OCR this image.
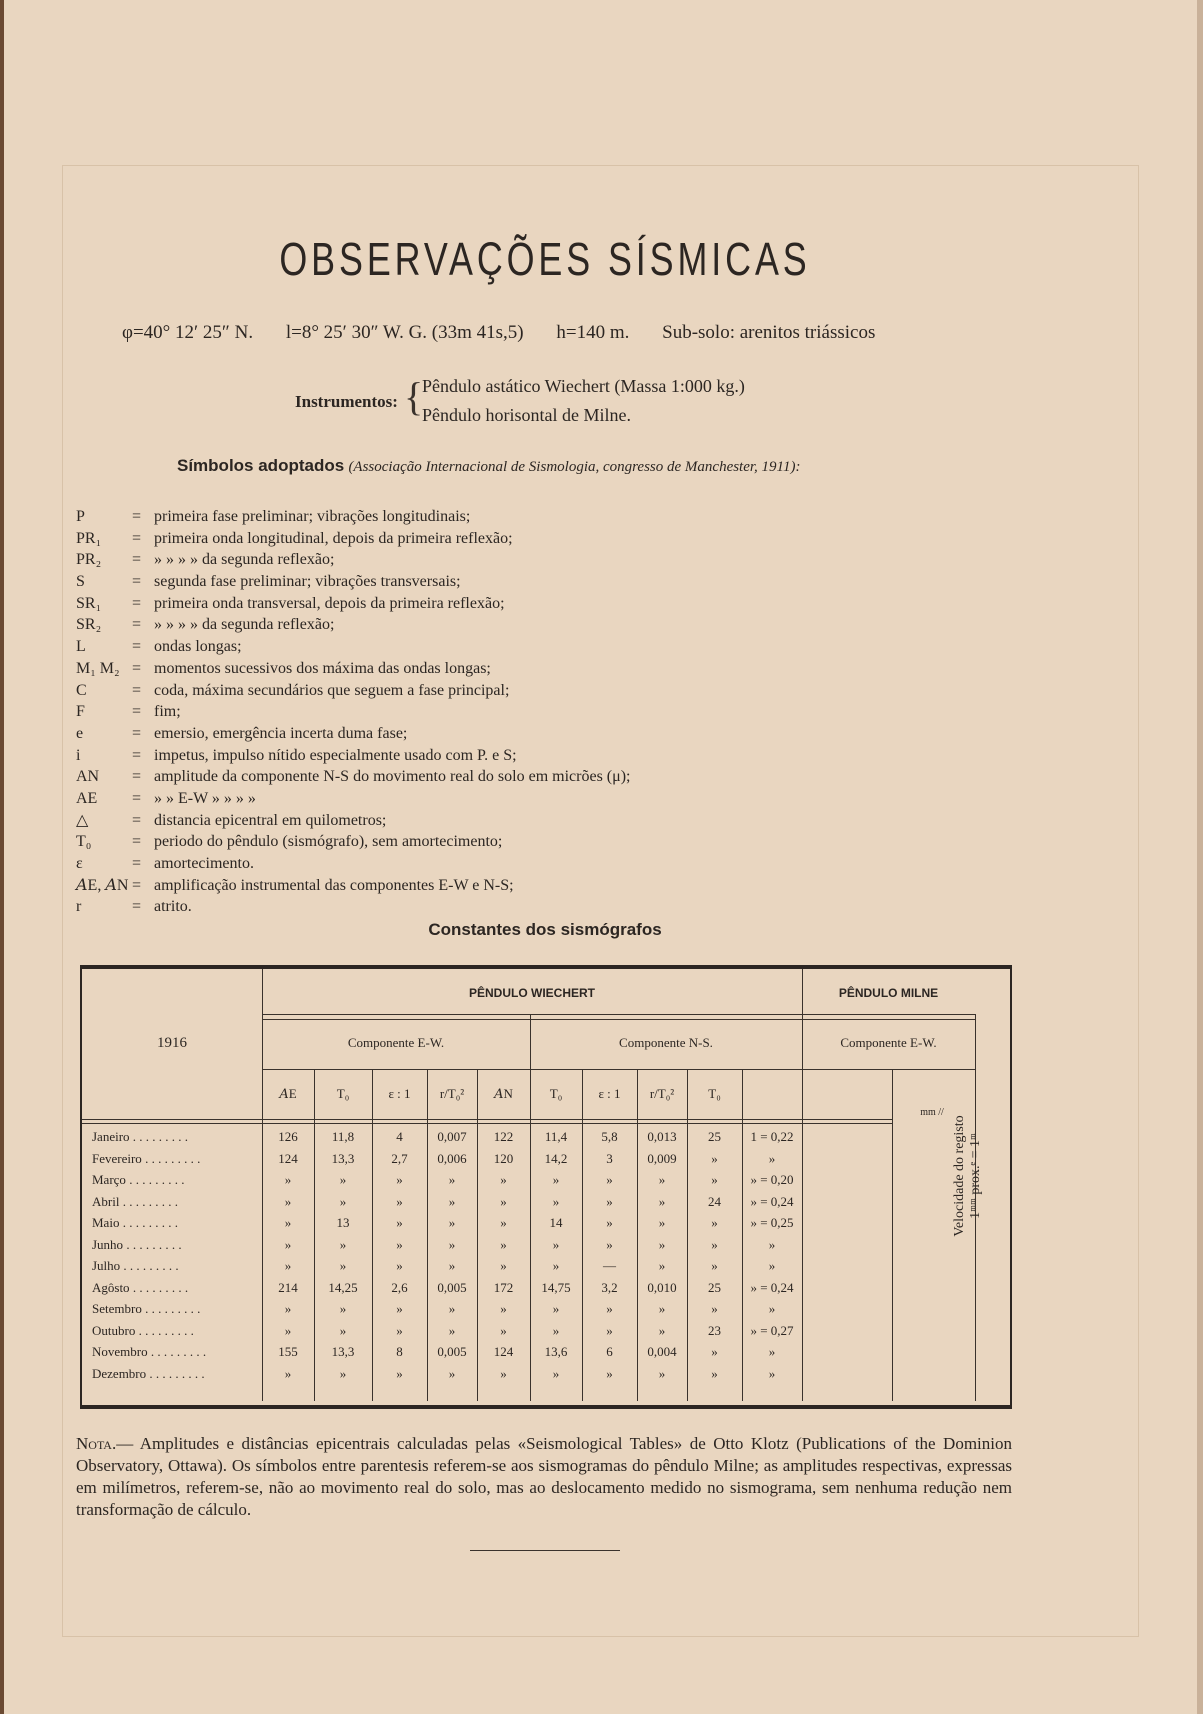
OBSERVAÇÕES SÍSMICAS
φ=40° 12′ 25″ N. l=8° 25′ 30″ W. G. (33m 41s,5) h=140 m. Sub-solo: arenitos triássicos
Instrumentos: {
Pêndulo astático Wiechert (Massa 1:000 kg.)
Pêndulo horisontal de Milne.
Símbolos adoptados (Associação Internacional de Sismologia, congresso de Manchester, 1911):
P	= primeira fase preliminar; vibrações longitudinais;
PR₁	= primeira onda longitudinal, depois da primeira reflexão;
PR₂	= » » » » da segunda reflexão;
S	= segunda fase preliminar; vibrações transversais;
SR₁	= primeira onda transversal, depois da primeira reflexão;
SR₂	= » » » » da segunda reflexão;
L	= ondas longas;
M₁ M₂ = momentos sucessivos dos máxima das ondas longas;
C	= coda, máxima secundários que seguem a fase principal;
F	= fim;
e	= emersio, emergência incerta duma fase;
i	= impetus, impulso nítido especialmente usado com P. e S;
AN	= amplitude da componente N-S do movimento real do solo em micrões (μ);
AE	= » » E-W » » » »
△	= distancia epicentral em quilometros;
T₀	= periodo do pêndulo (sismógrafo), sem amortecimento;
ε	= amortecimento.
𝐴E, 𝐴N = amplificação instrumental das componentes E-W e N-S;
r	= atrito.
Constantes dos sismógrafos
PÊNDULO WIECHERT	PÊNDULO MILNE
1916	Componente E-W.	Componente N-S.	Componente E-W.
𝐴E	T₀	ε : 1	r/T₀²	𝐴N	T₀	ε : 1	r/T₀²	T₀
mm //
Janeiro . . . . . . . . .	126	11,8	4	0,007	122	11,4	5,8	0,013	25	1 = 0,22
Fevereiro . . . . . . . . .	124	13,3	2,7	0,006	120	14,2	3	0,009	»	»
Março . . . . . . . . .	»	»	»	»	»	»	»	»	»	» = 0,20
Abril . . . . . . . . .	»	»	»	»	»	»	»	»	24	» = 0,24
Maio . . . . . . . . .	»	13	»	»	»	14	»	»	»	» = 0,25
Junho . . . . . . . . .	»	»	»	»	»	»	»	»	»	»
Julho . . . . . . . . .	»	»	»	»	»	»	—	»	»	»
Agôsto . . . . . . . . .	214	14,25	2,6	0,005	172	14,75	3,2	0,010	25	» = 0,24
Setembro . . . . . . . . .	»	»	»	»	»	»	»	»	»	»
Outubro . . . . . . . . .	»	»	»	»	»	»	»	»	23	» = 0,27
Novembro . . . . . . . . .	155	13,3	8	0,005	124	13,6	6	0,004	»	»
Dezembro . . . . . . . . .	»	»	»	»	»	»	»	»	»	»
Velocidade do registo 1ᵐᵐ prox.ᵉ = 1ᵐ
Nota.— Amplitudes e distâncias epicentrais calculadas pelas «Seismological Tables» de Otto Klotz (Publications of the Dominion Observatory, Ottawa). Os símbolos entre parentesis referem-se aos sismogramas do pêndulo Milne; as amplitudes respectivas, expressas em milímetros, referem-se, não ao movimento real do solo, mas ao deslocamento medido no sismograma, sem nenhuma redução nem transformação de cálculo.
